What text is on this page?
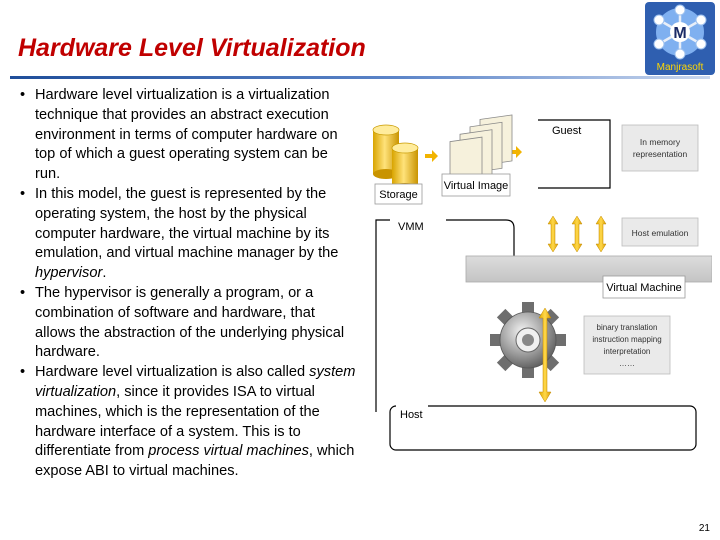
Hardware Level Virtualization
M
Manjrasoft
• Hardware level virtualization is a virtualization technique that provides an abstract execution environment in terms of computer hardware on top of which a guest operating system can be run.
• In this model, the guest is represented by the operating system, the host by the physical computer hardware, the virtual machine by its emulation, and virtual machine manager by the hypervisor.
• The hypervisor is generally a program, or a combination of software and hardware, that allows the abstraction of the underlying physical hardware.
• Hardware level virtualization is also called system virtualization, since it provides ISA to virtual machines, which is the representation of the hardware interface of a system. This is to differentiate from process virtual machines, which expose ABI to virtual machines.
Storage
Virtual Image
Guest
In memory
representation
Host emulation
VMM
Virtual Machine
binary translation
instruction mapping
interpretation
……
Host
21
